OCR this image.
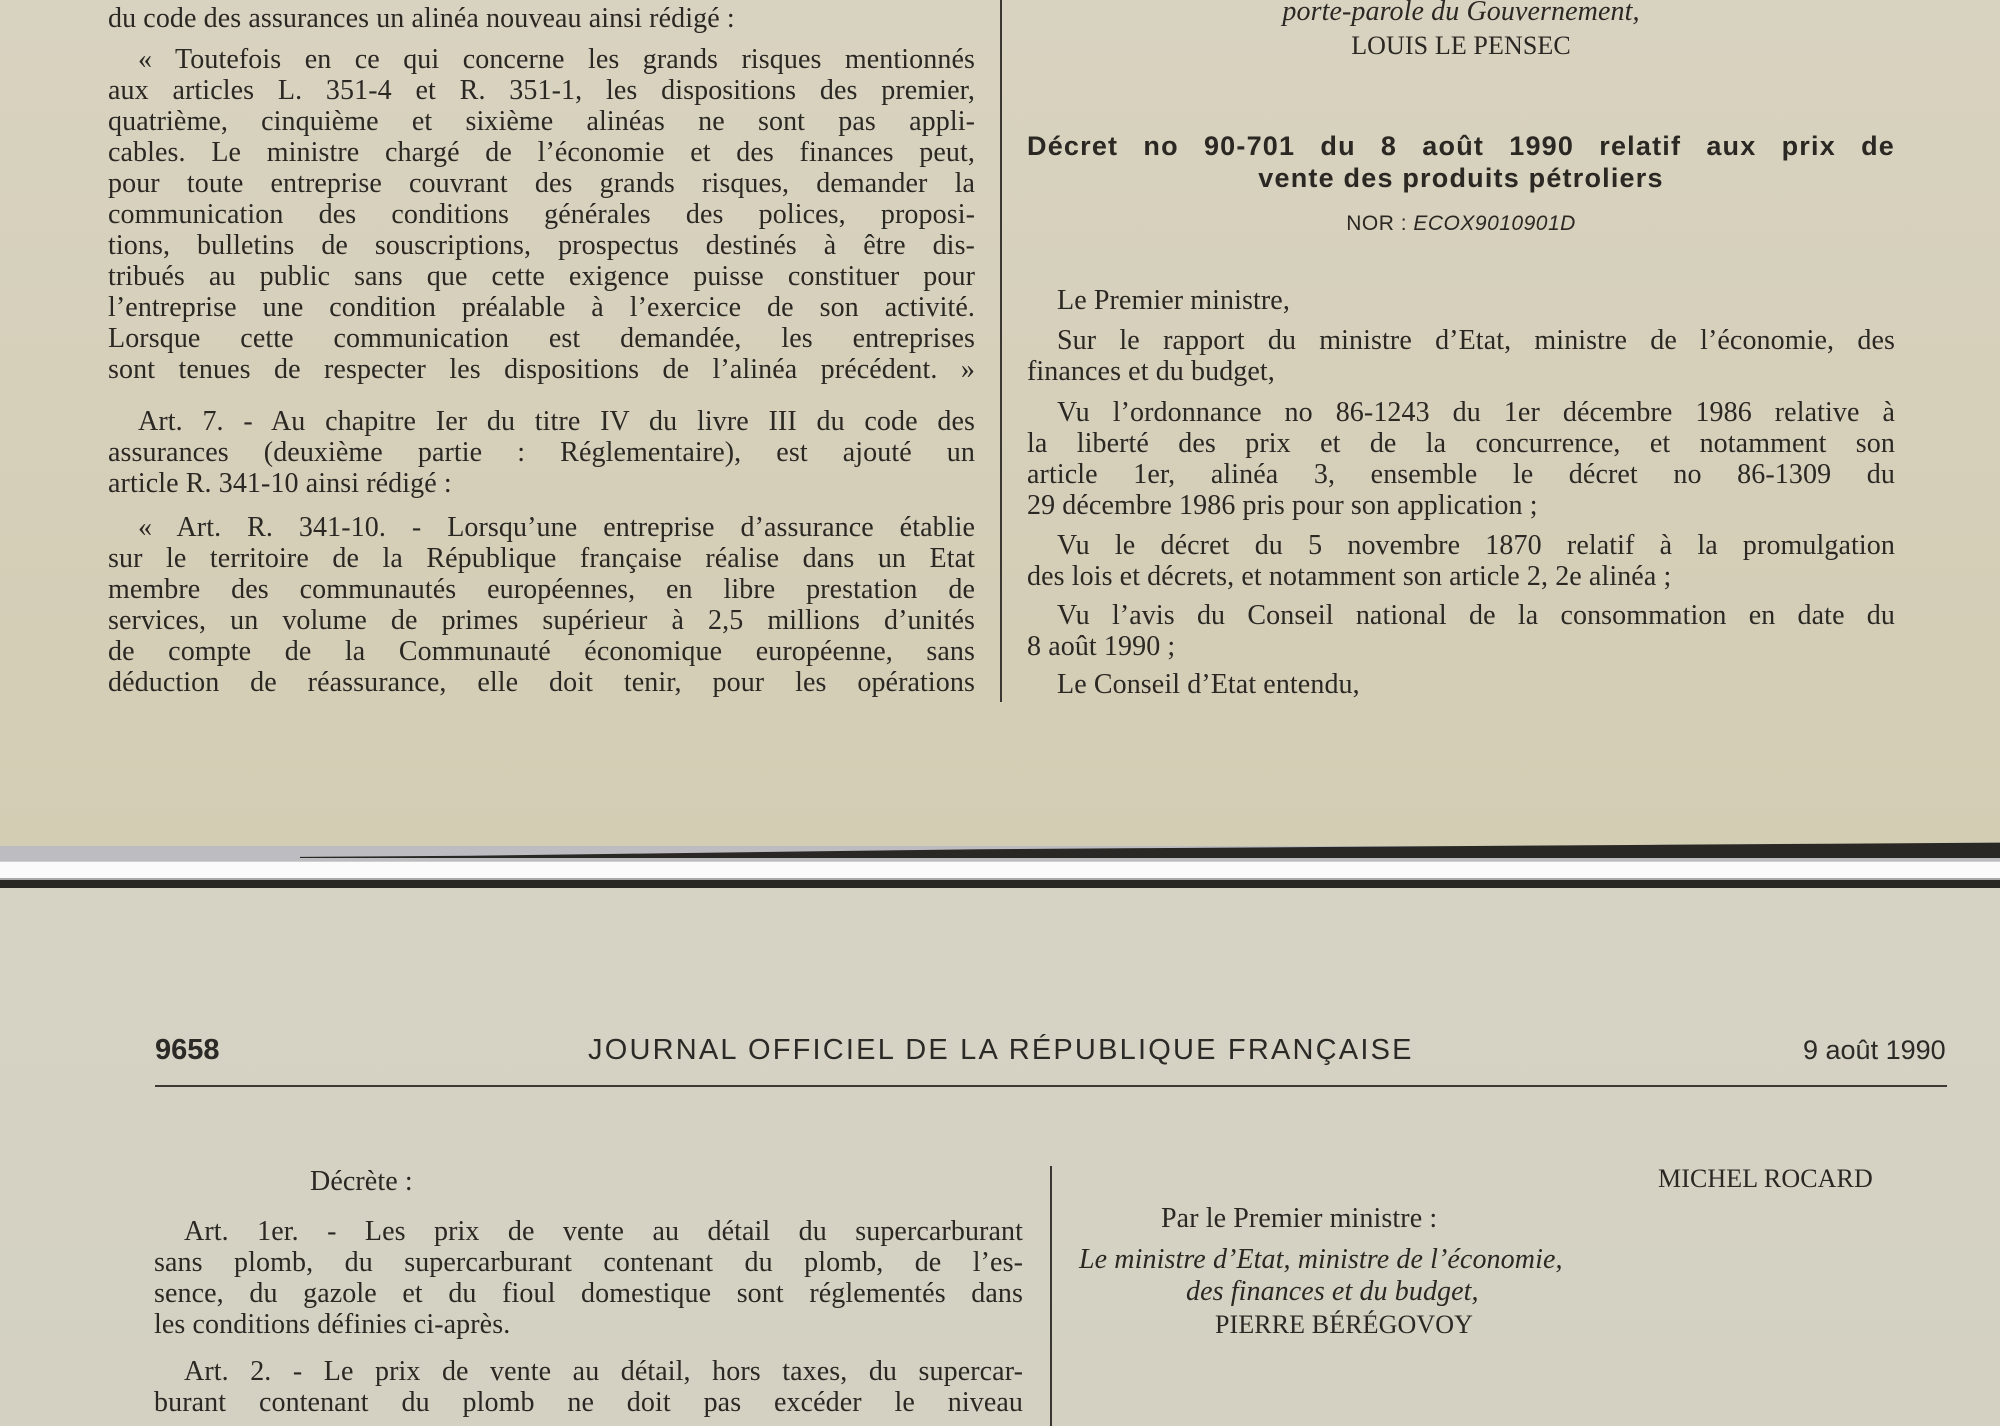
du code des assurances un alinéa nouveau ainsi rédigé :
« Toutefois en ce qui concerne les grands risques mentionnés
aux articles L. 351-4 et R. 351-1, les dispositions des premier,
quatrième, cinquième et sixième alinéas ne sont pas appli-
cables. Le ministre chargé de l’économie et des finances peut,
pour toute entreprise couvrant des grands risques, demander la
communication des conditions générales des polices, proposi-
tions, bulletins de souscriptions, prospectus destinés à être dis-
tribués au public sans que cette exigence puisse constituer pour
l’entreprise une condition préalable à l’exercice de son activité.
Lorsque cette communication est demandée, les entreprises
sont tenues de respecter les dispositions de l’alinéa précédent. »
Art. 7. - Au chapitre Ier du titre IV du livre III du code des
assurances (deuxième partie : Réglementaire), est ajouté un
article R. 341-10 ainsi rédigé :
« Art. R. 341-10. - Lorsqu’une entreprise d’assurance établie
sur le territoire de la République française réalise dans un Etat
membre des communautés européennes, en libre prestation de
services, un volume de primes supérieur à 2,5 millions d’unités
de compte de la Communauté économique européenne, sans
déduction de réassurance, elle doit tenir, pour les opérations
porte-parole du Gouvernement,
LOUIS LE PENSEC
Décret no 90-701 du 8 août 1990 relatif aux prix de
vente des produits pétroliers
NOR : ECOX9010901D
Le Premier ministre,
Sur le rapport du ministre d’Etat, ministre de l’économie, des
finances et du budget,
Vu l’ordonnance no 86-1243 du 1er décembre 1986 relative à
la liberté des prix et de la concurrence, et notamment son
article 1er, alinéa 3, ensemble le décret no 86-1309 du
29 décembre 1986 pris pour son application ;
Vu le décret du 5 novembre 1870 relatif à la promulgation
des lois et décrets, et notamment son article 2, 2e alinéa ;
Vu l’avis du Conseil national de la consommation en date du
8 août 1990 ;
Le Conseil d’Etat entendu,
9658	JOURNAL OFFICIEL DE LA RÉPUBLIQUE FRANÇAISE	9 août 1990
Décrète :
Art. 1er. - Les prix de vente au détail du supercarburant
sans plomb, du supercarburant contenant du plomb, de l’es-
sence, du gazole et du fioul domestique sont réglementés dans
les conditions définies ci-après.
Art. 2. - Le prix de vente au détail, hors taxes, du supercar-
burant contenant du plomb ne doit pas excéder le niveau
MICHEL ROCARD
Par le Premier ministre :
Le ministre d’Etat, ministre de l’économie,
des finances et du budget,
PIERRE BÉRÉGOVOY
